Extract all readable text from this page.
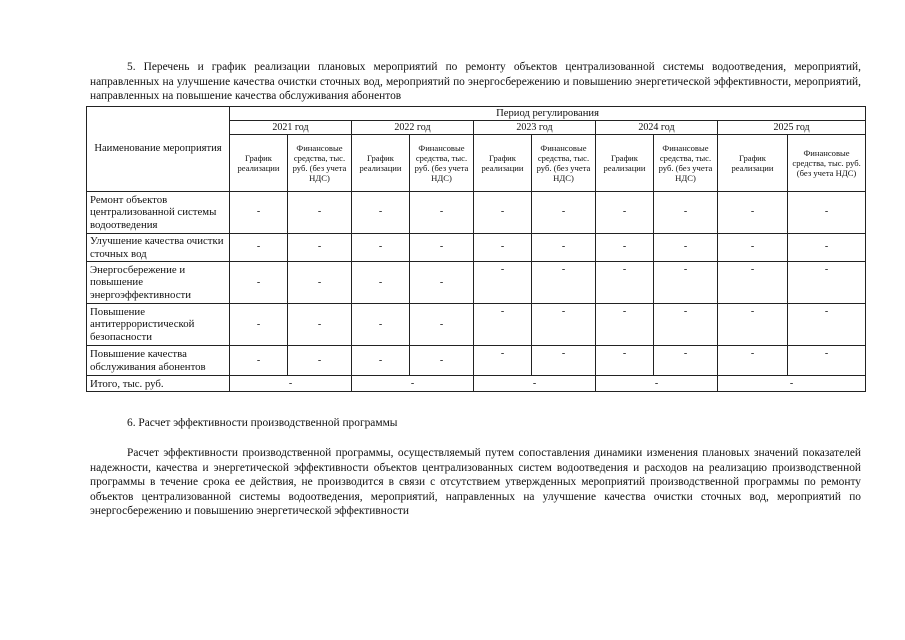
5. Перечень и график реализации плановых мероприятий по ремонту объектов централизованной системы водоотведения, мероприятий, направленных на улучшение качества очистки сточных вод, мероприятий по энергосбережению и повышению энергетической эффективности, мероприятий, направленных на повышение качества обслуживания абонентов
Наименование мероприятия	Период регулирования									
	2021 год		2022 год		2023 год		2024 год		2025 год	
	График реализации	Финансовые средства, тыс. руб. (без учета НДС)	График реализации	Финансовые средства, тыс. руб. (без учета НДС)	График реализации	Финансовые средства, тыс. руб. (без учета НДС)	График реализации	Финансовые средства, тыс. руб. (без учета НДС)	График реализации	Финансовые средства, тыс. руб. (без учета НДС)
Ремонт объектов централизованной системы водоотведения	-	-	-	-	-	-	-	-	-	-
Улучшение качества очистки сточных вод	-	-	-	-	-	-	-	-	-	-
Энергосбережение и повышение энергоэффективности	-	-	-	-	-	-	-	-	-	-
Повышение антитеррористической безопасности	-	-	-	-	-	-	-	-	-	-
Повышение качества обслуживания абонентов	-	-	-	-	-	-	-	-	-	-
Итого, тыс. руб.	-		-		-		-		-	
6. Расчет эффективности производственной программы
Расчет эффективности производственной программы, осуществляемый путем сопоставления динамики изменения плановых значений показателей надежности, качества и энергетической эффективности объектов централизованных систем водоотведения и расходов на реализацию производственной программы в течение срока ее действия, не производится в связи с отсутствием утвержденных мероприятий производственной программы по ремонту объектов централизованной системы водоотведения, мероприятий, направленных на улучшение качества очистки сточных вод, мероприятий по энергосбережению и повышению энергетической эффективности
